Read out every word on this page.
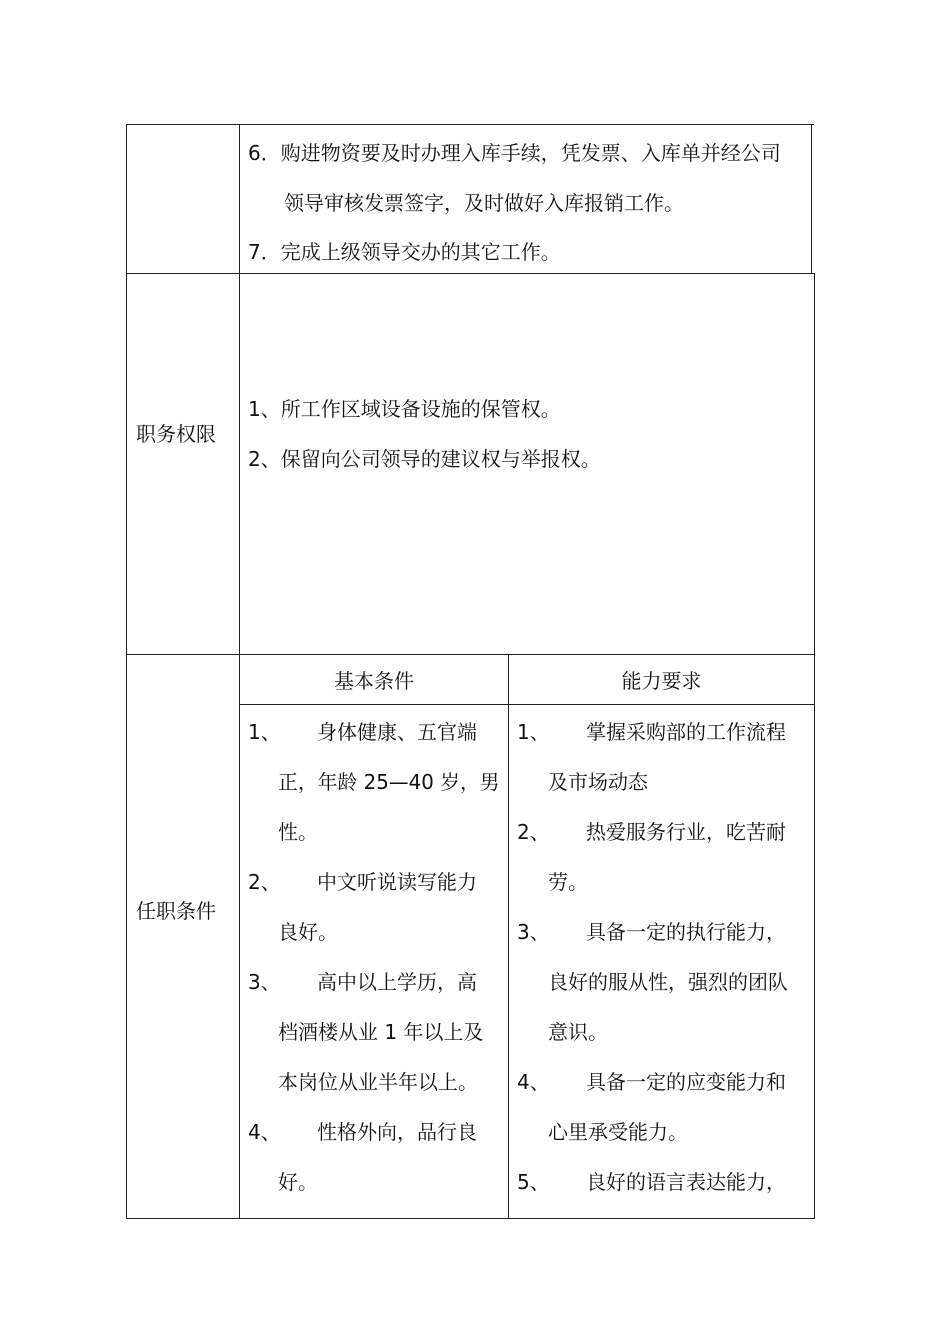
6．购进物资要及时办理入库手续，凭发票、入库单并经公司
领导审核发票签字，及时做好入库报销工作。
7．完成上级领导交办的其它工作。
职务权限
1、所工作区域设备设施的保管权。
2、保留向公司领导的建议权与举报权。
任职条件
基本条件	能力要求
1、 身体健康、五官端
正，年龄 25—40 岁，男
性。
2、 中文听说读写能力
良好。
3、 高中以上学历，高
档酒楼从业 1 年以上及
本岗位从业半年以上。
4、 性格外向，品行良
好。
1、 掌握采购部的工作流程
及市场动态
2、 热爱服务行业，吃苦耐
劳。
3、 具备一定的执行能力，
良好的服从性，强烈的团队
意识。
4、 具备一定的应变能力和
心里承受能力。
5、 良好的语言表达能力，
